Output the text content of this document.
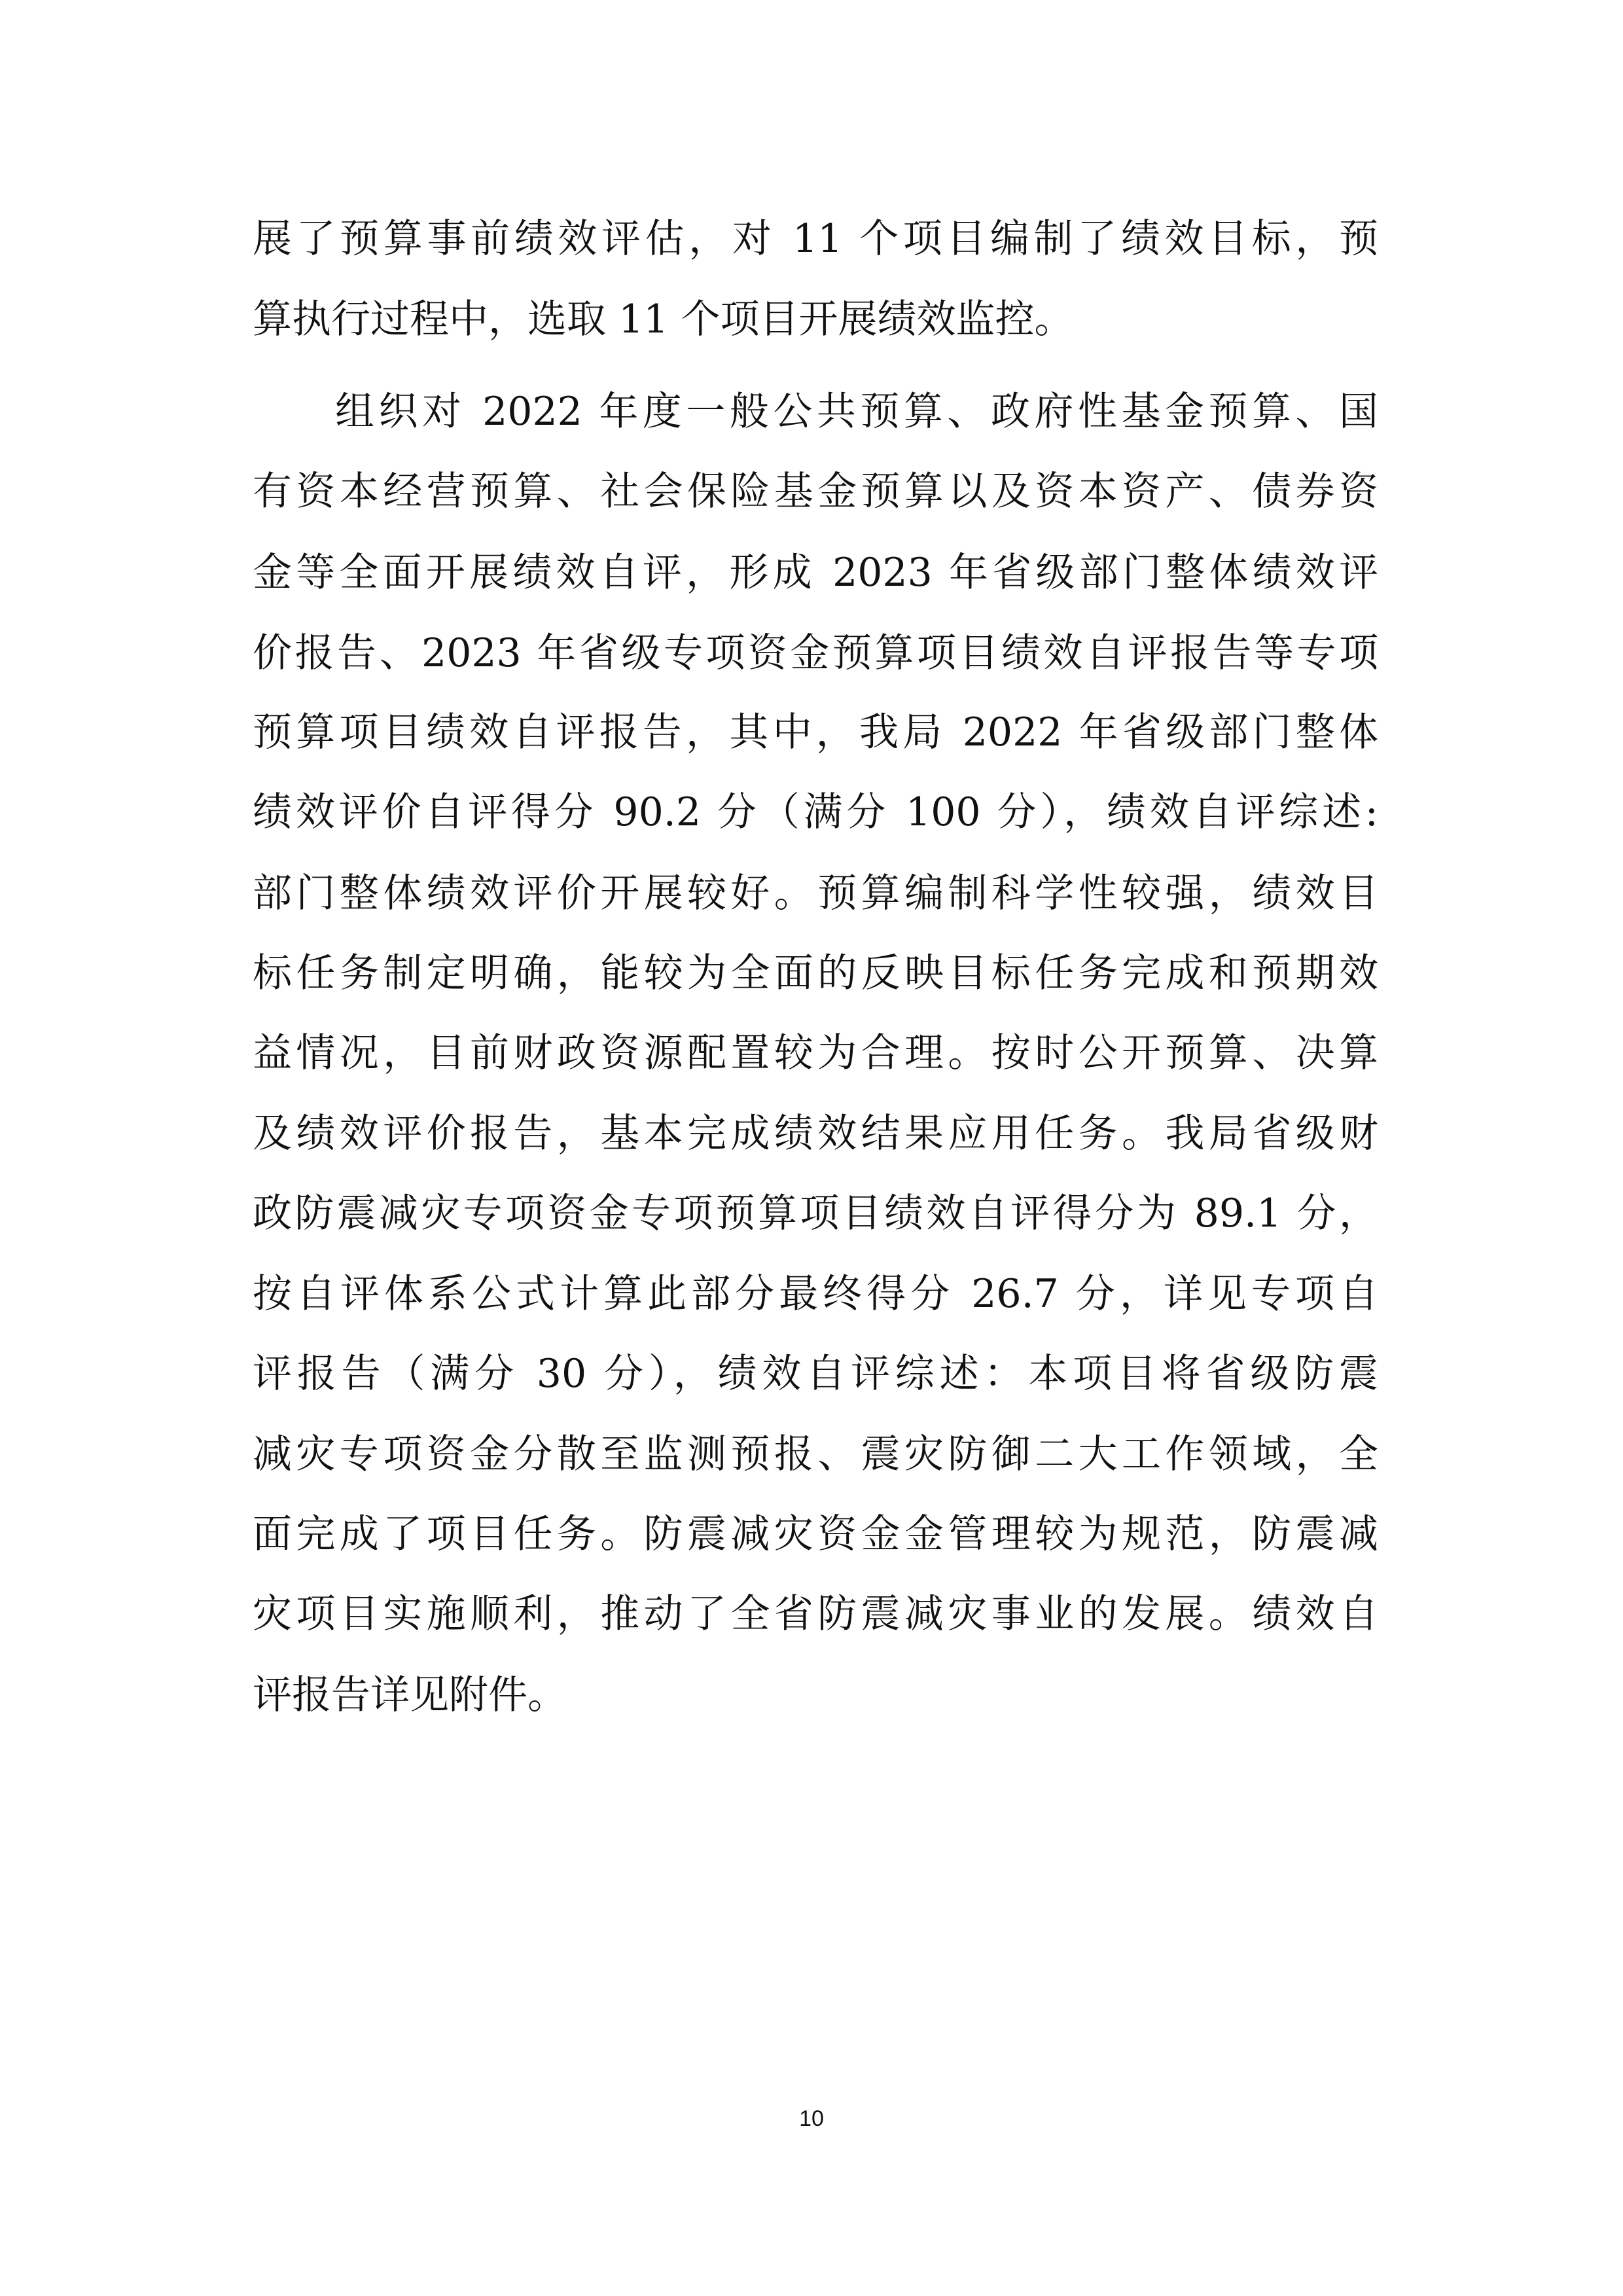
展了预算事前绩效评估，对 11 个项目编制了绩效目标，预
算执行过程中，选取 11 个项目开展绩效监控。
组织对 2022 年度一般公共预算、政府性基金预算、国
有资本经营预算、社会保险基金预算以及资本资产、债券资
金等全面开展绩效自评，形成 2023 年省级部门整体绩效评
价报告、2023 年省级专项资金预算项目绩效自评报告等专项
预算项目绩效自评报告，其中，我局 2022 年省级部门整体
绩效评价自评得分 90.2 分（满分 100 分），绩效自评综述:
部门整体绩效评价开展较好。预算编制科学性较强，绩效目
标任务制定明确，能较为全面的反映目标任务完成和预期效
益情况，目前财政资源配置较为合理。按时公开预算、决算
及绩效评价报告，基本完成绩效结果应用任务。我局省级财
政防震减灾专项资金专项预算项目绩效自评得分为 89.1 分，
按自评体系公式计算此部分最终得分 26.7 分，详见专项自
评报告（满分 30 分），绩效自评综述：本项目将省级防震
减灾专项资金分散至监测预报、震灾防御二大工作领域，全
面完成了项目任务。防震减灾资金金管理较为规范，防震减
灾项目实施顺利，推动了全省防震减灾事业的发展。绩效自
评报告详见附件。
10
